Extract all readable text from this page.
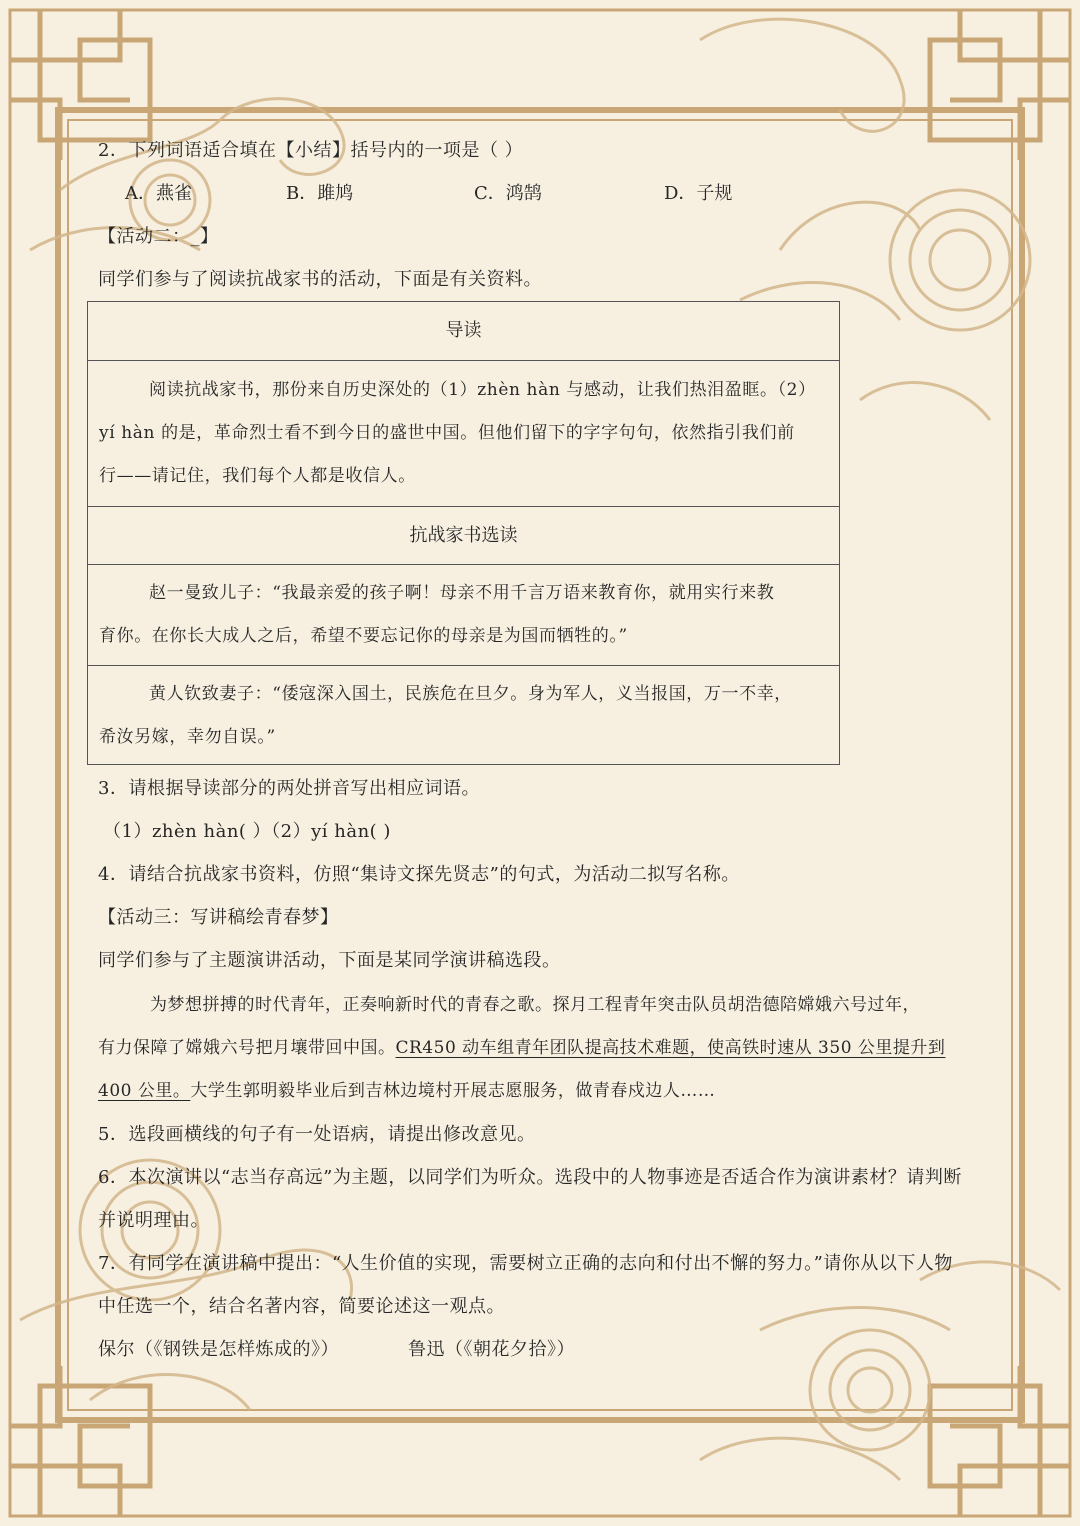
2．下列词语适合填在【小结】括号内的一项是（ ）
A．燕雀	B．雎鸠	C．鸿鹄	D．子规
【活动二：_】
同学们参与了阅读抗战家书的活动，下面是有关资料。
导读
阅读抗战家书，那份来自历史深处的（1）zhèn hàn 与感动，让我们热泪盈眶。（2）
yí hàn 的是，革命烈士看不到今日的盛世中国。但他们留下的字字句句，依然指引我们前
行——请记住，我们每个人都是收信人。
抗战家书选读
赵一曼致儿子：“我最亲爱的孩子啊！母亲不用千言万语来教育你，就用实行来教
育你。在你长大成人之后，希望不要忘记你的母亲是为国而牺牲的。”
黄人钦致妻子：“倭寇深入国土，民族危在旦夕。身为军人，义当报国，万一不幸，
希汝另嫁，幸勿自误。”
3．请根据导读部分的两处拼音写出相应词语。
（1）zhèn hàn( ）（2）yí hàn( )
4．请结合抗战家书资料，仿照“集诗文探先贤志”的句式，为活动二拟写名称。
【活动三：写讲稿绘青春梦】
同学们参与了主题演讲活动，下面是某同学演讲稿选段。
为梦想拼搏的时代青年，正奏响新时代的青春之歌。探月工程青年突击队员胡浩德陪嫦娥六号过年，
有力保障了嫦娥六号把月壤带回中国。CR450 动车组青年团队提高技术难题，使高铁时速从 350 公里提升到
400 公里。大学生郭明毅毕业后到吉林边境村开展志愿服务，做青春戍边人……
5．选段画横线的句子有一处语病，请提出修改意见。
6．本次演讲以“志当存高远”为主题，以同学们为听众。选段中的人物事迹是否适合作为演讲素材？请判断
并说明理由。
7．有同学在演讲稿中提出：“人生价值的实现，需要树立正确的志向和付出不懈的努力。”请你从以下人物
中任选一个，结合名著内容，简要论述这一观点。
保尔（《钢铁是怎样炼成的》）	鲁迅（《朝花夕拾》）
